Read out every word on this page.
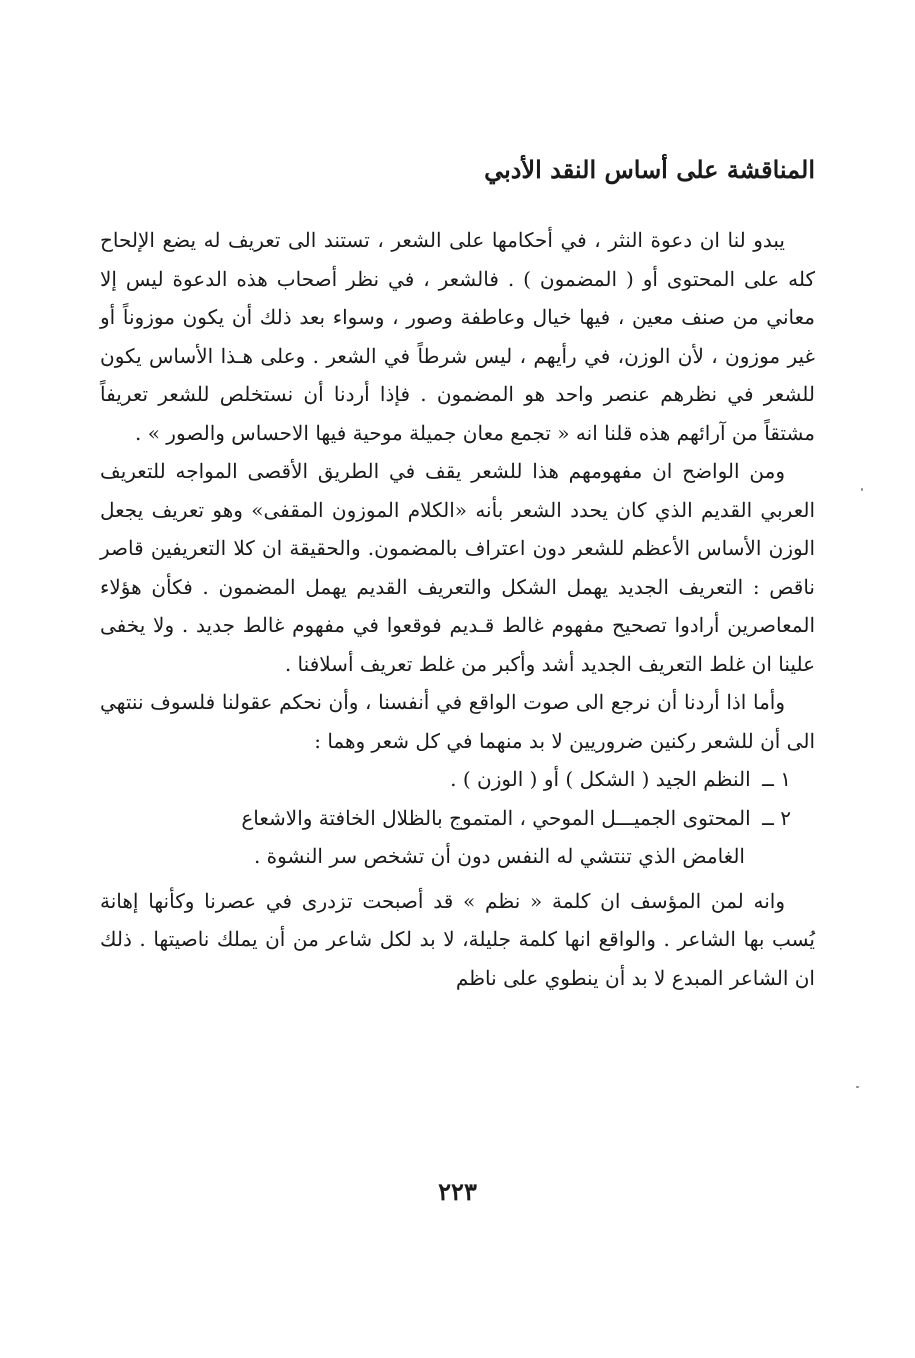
المناقشة على أساس النقد الأدبي

يبدو لنا ان دعوة النثر ، في أحكامها على الشعر ، تستند الى تعريف له يضع الإلحاح كله على المحتوى أو ( المضمون ) . فالشعر ، في نظر أصحاب هذه الدعوة ليس إلا معاني من صنف معين ، فيها خيال وعاطفة وصور ، وسواء بعد ذلك أن يكون موزوناً أو غير موزون ، لأن الوزن، في رأيهم ، ليس شرطاً في الشعر . وعلى هـذا الأساس يكون للشعر في نظرهم عنصر واحد هو المضمون . فإذا أردنا أن نستخلص للشعر تعريفاً مشتقاً من آرائهم هذه قلنا انه « تجمع معان جميلة موحية فيها الاحساس والصور » .

ومن الواضح ان مفهومهم هذا للشعر يقف في الطريق الأقصى المواجه للتعريف العربي القديم الذي كان يحدد الشعر بأنه «الكلام الموزون المقفى» وهو تعريف يجعل الوزن الأساس الأعظم للشعر دون اعتراف بالمضمون. والحقيقة ان كلا التعريفين قاصر ناقص : التعريف الجديد يهمل الشكل والتعريف القديم يهمل المضمون . فكأن هؤلاء المعاصرين أرادوا تصحيح مفهوم غالط قـديم فوقعوا في مفهوم غالط جديد . ولا يخفى علينا ان غلط التعريف الجديد أشد وأكبر من غلط تعريف أسلافنا .

وأما اذا أردنا أن نرجع الى صوت الواقع في أنفسنا ، وأن نحكم عقولنا فلسوف ننتهي الى أن للشعر ركنين ضروريين لا بد منهما في كل شعر وهما :

١ ــ النظم الجيد ( الشكل ) أو ( الوزن ) .
٢ ــ المحتوى الجميـــل الموحي ، المتموج بالظلال الخافتة والاشعاع
الغامض الذي تنتشي له النفس دون أن تشخص سر النشوة .

وانه لمن المؤسف ان كلمة « نظم » قد أصبحت تزدرى في عصرنا وكأنها إهانة يُسب بها الشاعر . والواقع انها كلمة جليلة، لا بد لكل شاعر من أن يملك ناصيتها . ذلك ان الشاعر المبدع لا بد أن ينطوي على ناظم

٢٢٣
